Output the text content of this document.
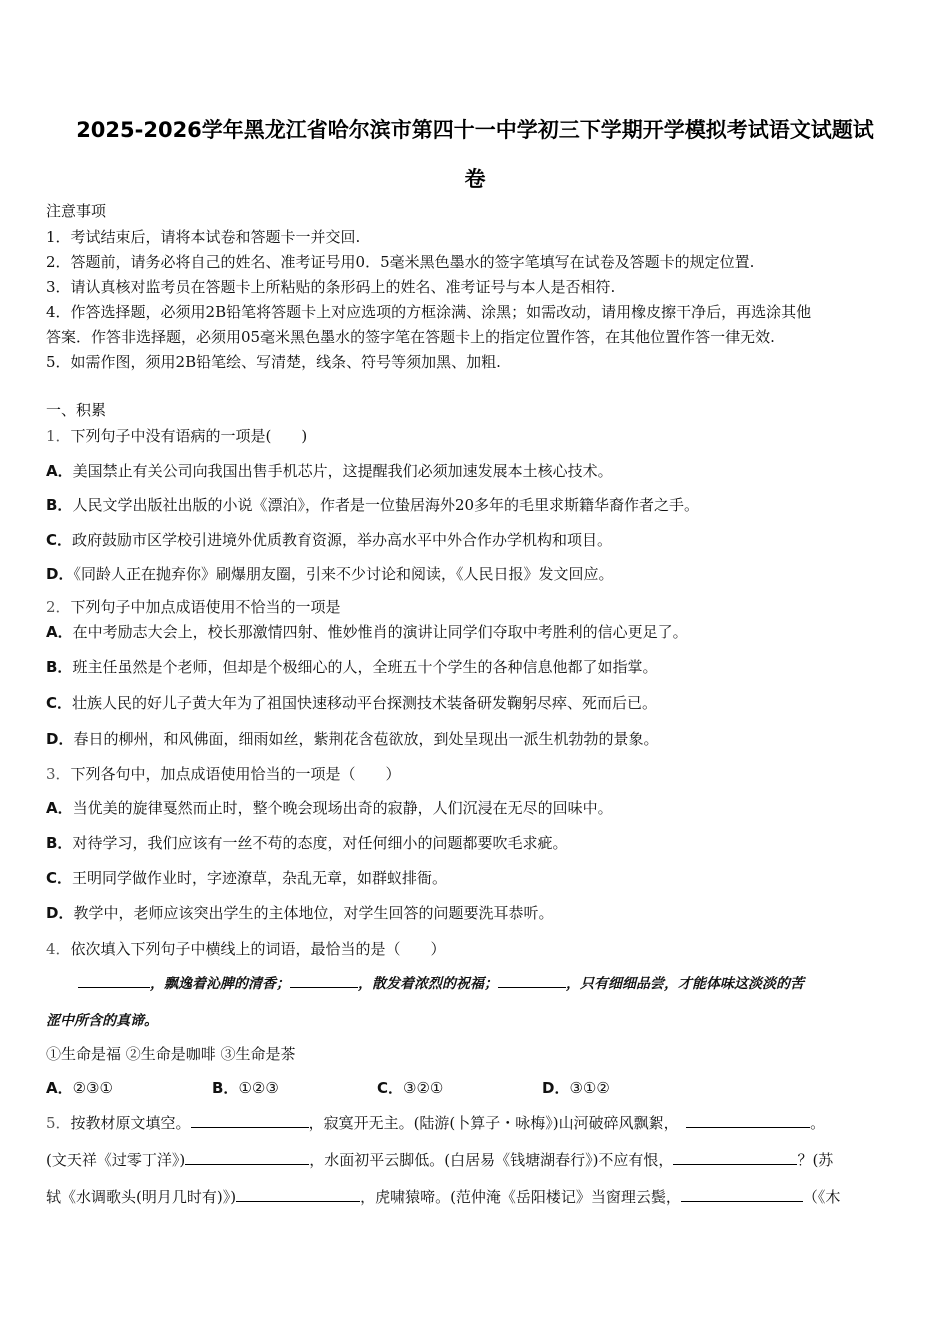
2025-2026学年黑龙江省哈尔滨市第四十一中学初三下学期开学模拟考试语文试题试
卷
注意事项
1．考试结束后，请将本试卷和答题卡一并交回.
2．答题前，请务必将自己的姓名、准考证号用0．5毫米黑色墨水的签字笔填写在试卷及答题卡的规定位置.
3．请认真核对监考员在答题卡上所粘贴的条形码上的姓名、准考证号与本人是否相符.
4．作答选择题，必须用2B铅笔将答题卡上对应选项的方框涂满、涂黑；如需改动，请用橡皮擦干净后，再选涂其他
答案．作答非选择题，必须用05毫米黑色墨水的签字笔在答题卡上的指定位置作答，在其他位置作答一律无效.
5．如需作图，须用2B铅笔绘、写清楚，线条、符号等须加黑、加粗.
一、积累
1．下列句子中没有语病的一项是(　　)
A．美国禁止有关公司向我国出售手机芯片，这提醒我们必须加速发展本土核心技术。
B．人民文学出版社出版的小说《漂泊》，作者是一位蛰居海外20多年的毛里求斯籍华裔作者之手。
C．政府鼓励市区学校引进境外优质教育资源，举办高水平中外合作办学机构和项目。
D．《同龄人正在抛弃你》刷爆朋友圈，引来不少讨论和阅读，《人民日报》发文回应。
2．下列句子中加点成语使用不恰当的一项是
A．在中考励志大会上，校长那激情四射、惟妙惟肖的演讲让同学们夺取中考胜利的信心更足了。
B．班主任虽然是个老师，但却是个极细心的人，全班五十个学生的各种信息他都了如指掌。
C．壮族人民的好儿子黄大年为了祖国快速移动平台探测技术装备研发鞠躬尽瘁、死而后已。
D．春日的柳州，和风佛面，细雨如丝，紫荆花含苞欲放，到处呈现出一派生机勃勃的景象。
3．下列各句中，加点成语使用恰当的一项是（　　）
A．当优美的旋律戛然而止时，整个晚会现场出奇的寂静，人们沉浸在无尽的回味中。
B．对待学习，我们应该有一丝不苟的态度，对任何细小的问题都要吹毛求疵。
C．王明同学做作业时，字迹潦草，杂乱无章，如群蚁排衙。
D．教学中，老师应该突出学生的主体地位，对学生回答的问题要洗耳恭听。
4．依次填入下列句子中横线上的词语，最恰当的是（　　）
，飘逸着沁脾的清香；	，散发着浓烈的祝福；	，只有细细品尝，才能体味这淡淡的苦
涩中所含的真谛。
①生命是福 ②生命是咖啡 ③生命是茶
A．②③①	B．①②③	C．③②①	D．③①②
5．按教材原文填空。	，寂寞开无主。(陆游(卜算子・咏梅》)山河破碎风飘絮，　	。
(文天祥《过零丁洋》)	，水面初平云脚低。(白居易《钱塘湖春行》)不应有恨，	？(苏
轼《水调歌头(明月几时有)》)	，虎啸猿啼。(范仲淹《岳阳楼记》当窗理云鬓，	（《木
